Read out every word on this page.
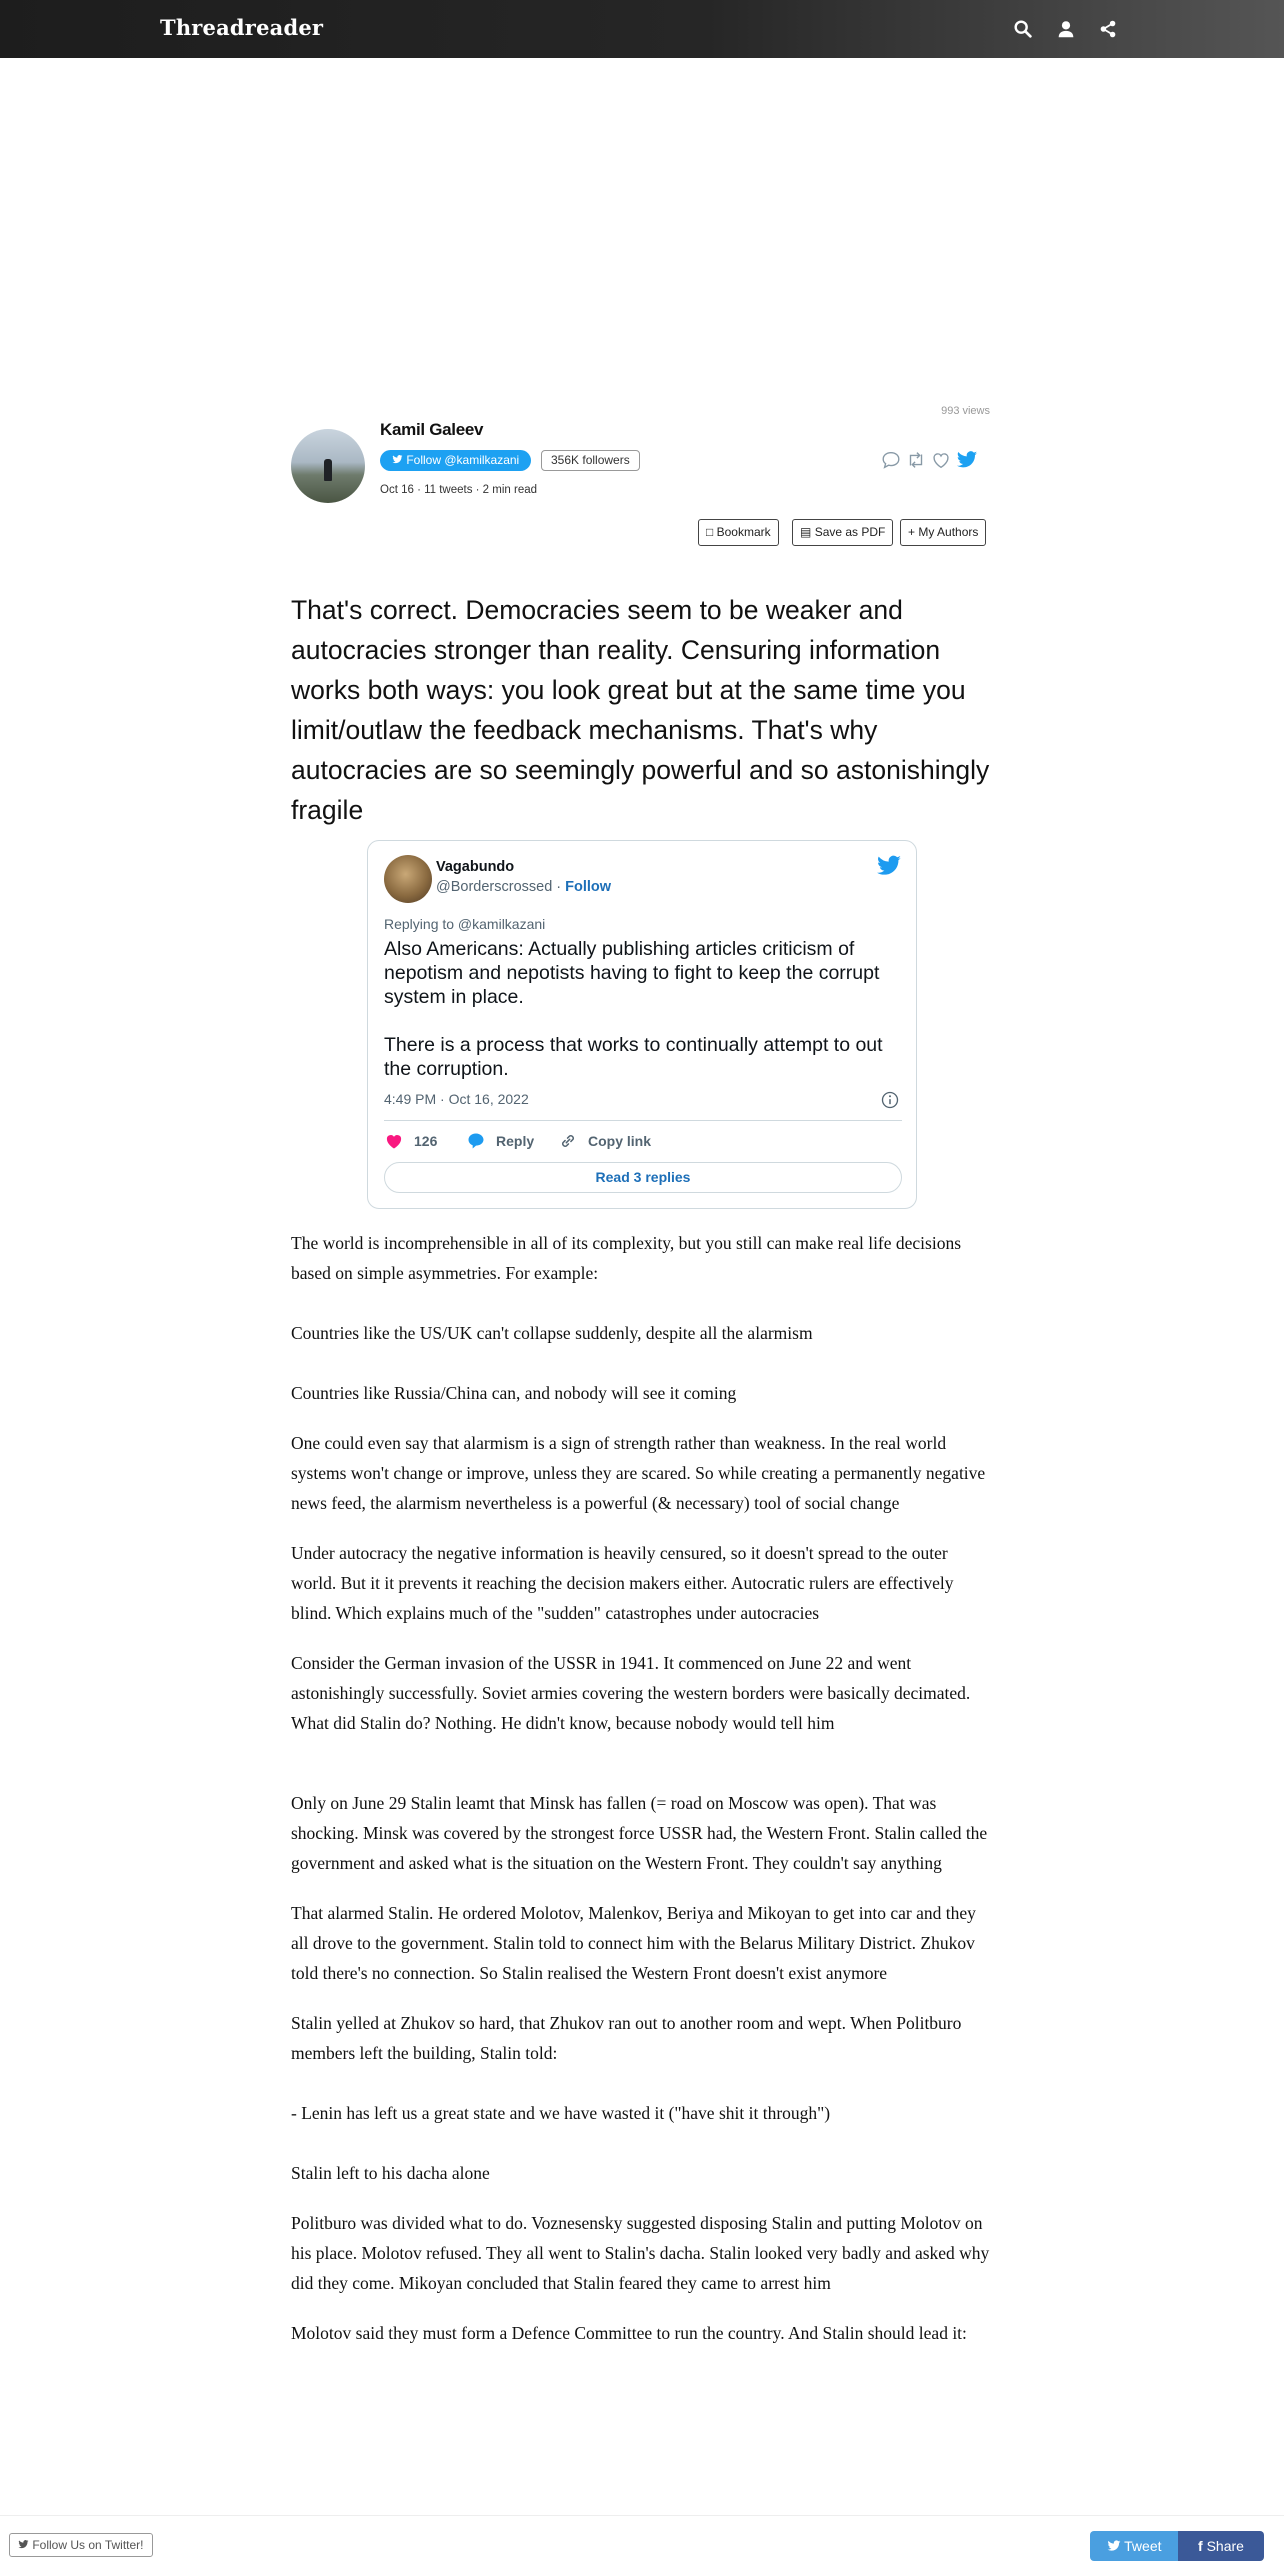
Threadreader
993 views
Kamil Galeev
Follow @kamilkazani	356K followers
Oct 16 · 11 tweets · 2 min read
□ Bookmark	▤ Save as PDF	+ My Authors
That's correct. Democracies seem to be weaker and autocracies stronger than reality. Censuring information works both ways: you look great but at the same time you limit/outlaw the feedback mechanisms. That's why autocracies are so seemingly powerful and so astonishingly fragile
Vagabundo
@Borderscrossed · Follow
Replying to @kamilkazani

Also Americans: Actually publishing articles criticism of nepotism and nepotists having to fight to keep the corrupt system in place.

There is a process that works to continually attempt to out the corruption.

4:49 PM · Oct 16, 2022
126	Reply	Copy link
Read 3 replies

The world is incomprehensible in all of its complexity, but you still can make real life decisions based on simple asymmetries. For example:

Countries like the US/UK can't collapse suddenly, despite all the alarmism

Countries like Russia/China can, and nobody will see it coming

One could even say that alarmism is a sign of strength rather than weakness. In the real world systems won't change or improve, unless they are scared. So while creating a permanently negative news feed, the alarmism nevertheless is a powerful (& necessary) tool of social change

Under autocracy the negative information is heavily censured, so it doesn't spread to the outer world. But it it prevents it reaching the decision makers either. Autocratic rulers are effectively blind. Which explains much of the "sudden" catastrophes under autocracies

Consider the German invasion of the USSR in 1941. It commenced on June 22 and went astonishingly successfully. Soviet armies covering the western borders were basically decimated. What did Stalin do? Nothing. He didn't know, because nobody would tell him

Only on June 29 Stalin leamt that Minsk has fallen (= road on Moscow was open). That was shocking. Minsk was covered by the strongest force USSR had, the Western Front. Stalin called the government and asked what is the situation on the Western Front. They couldn't say anything

That alarmed Stalin. He ordered Molotov, Malenkov, Beriya and Mikoyan to get into car and they all drove to the government. Stalin told to connect him with the Belarus Military District. Zhukov told there's no connection. So Stalin realised the Western Front doesn't exist anymore

Stalin yelled at Zhukov so hard, that Zhukov ran out to another room and wept. When Politburo members left the building, Stalin told:

- Lenin has left us a great state and we have wasted it ("have shit it through")

Stalin left to his dacha alone

Politburo was divided what to do. Voznesensky suggested disposing Stalin and putting Molotov on his place. Molotov refused. They all went to Stalin's dacha. Stalin looked very badly and asked why did they come. Mikoyan concluded that Stalin feared they came to arrest him

Molotov said they must form a Defence Committee to run the country. And Stalin should lead it:

Follow Us on Twitter!	Tweet	f Share
